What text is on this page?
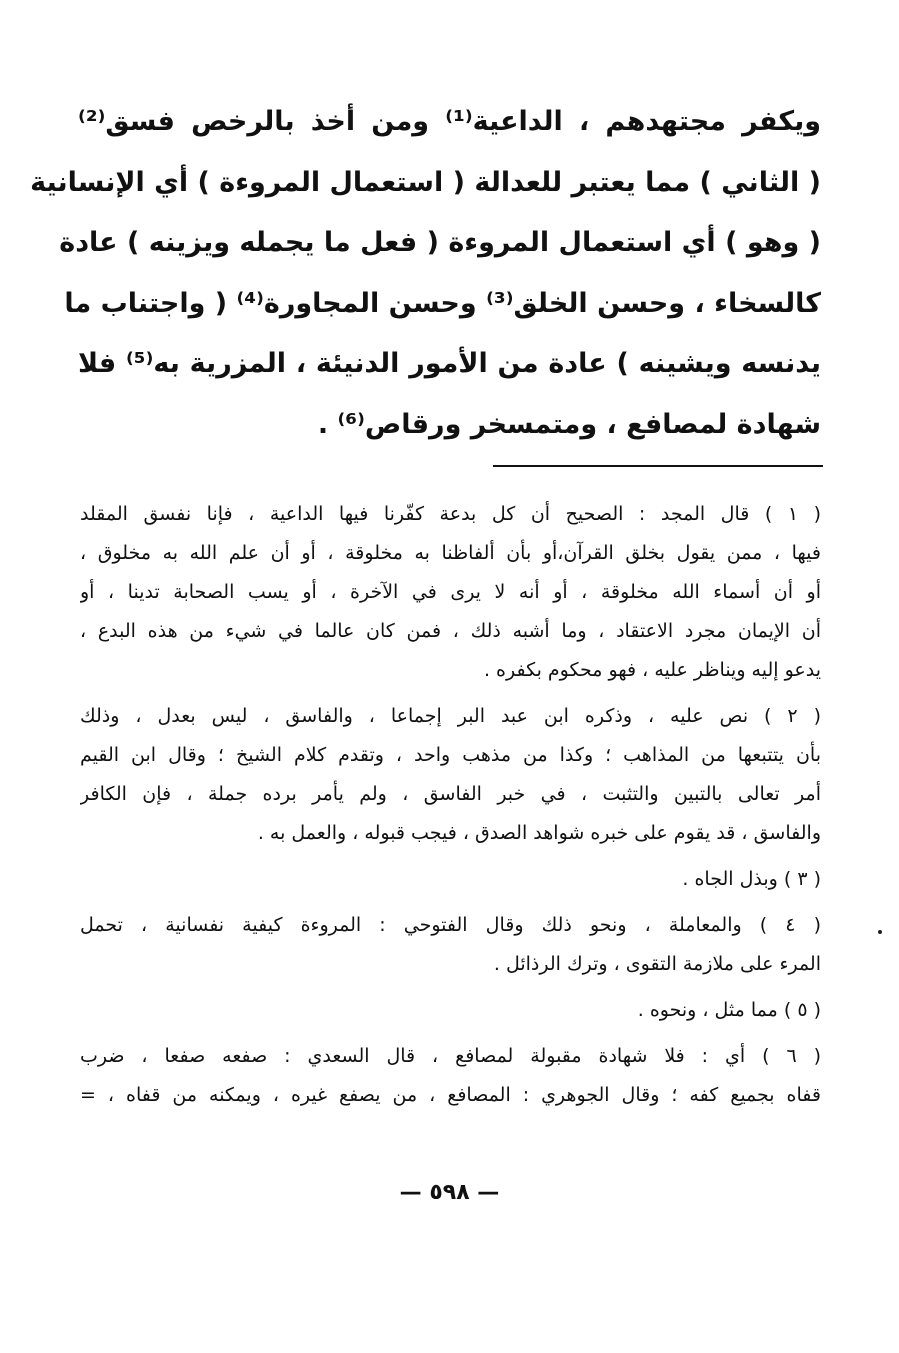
ويكفر مجتهدهم ، الداعية⁽¹⁾ ومن أخذ بالرخص فسق⁽²⁾
( الثاني ) مما يعتبر للعدالة ( استعمال المروءة ) أي الإنسانية
( وهو ) أي استعمال المروءة ( فعل ما يجمله ويزينه ) عادة
كالسخاء ، وحسن الخلق⁽³⁾ وحسن المجاورة⁽⁴⁾ ( واجتناب ما
يدنسه ويشينه ) عادة من الأمور الدنيئة ، المزرية به⁽⁵⁾ فلا
شهادة لمصافع ، ومتمسخر ورقاص⁽⁶⁾ .
( ١ ) قال المجد : الصحيح أن كل بدعة كفّرنا فيها الداعية ، فإنا نفسق المقلد
فيها ، ممن يقول بخلق القرآن،أو بأن ألفاظنا به مخلوقة ، أو أن علم الله به مخلوق ،
أو أن أسماء الله مخلوقة ، أو أنه لا يرى في الآخرة ، أو يسب الصحابة تدينا ، أو
أن الإيمان مجرد الاعتقاد ، وما أشبه ذلك ، فمن كان عالما في شيء من هذه البدع ،
يدعو إليه ويناظر عليه ، فهو محكوم بكفره .
( ٢ ) نص عليه ، وذكره ابن عبد البر إجماعا ، والفاسق ، ليس بعدل ، وذلك
بأن يتتبعها من المذاهب ؛ وكذا من مذهب واحد ، وتقدم كلام الشيخ ؛ وقال ابن القيم
أمر تعالى بالتبين والتثبت ، في خبر الفاسق ، ولم يأمر برده جملة ، فإن الكافر
والفاسق ، قد يقوم على خبره شواهد الصدق ، فيجب قبوله ، والعمل به .
( ٣ ) وبذل الجاه .
( ٤ ) والمعاملة ، ونحو ذلك وقال الفتوحي : المروءة كيفية نفسانية ، تحمل
المرء على ملازمة التقوى ، وترك الرذائل .
( ٥ ) مما مثل ، ونحوه .
( ٦ ) أي : فلا شهادة مقبولة لمصافع ، قال السعدي : صفعه صفعا ، ضرب
قفاه بجميع كفه ؛ وقال الجوهري : المصافع ، من يصفع غيره ، ويمكنه من قفاه ، =
— ٥٩٨ —
